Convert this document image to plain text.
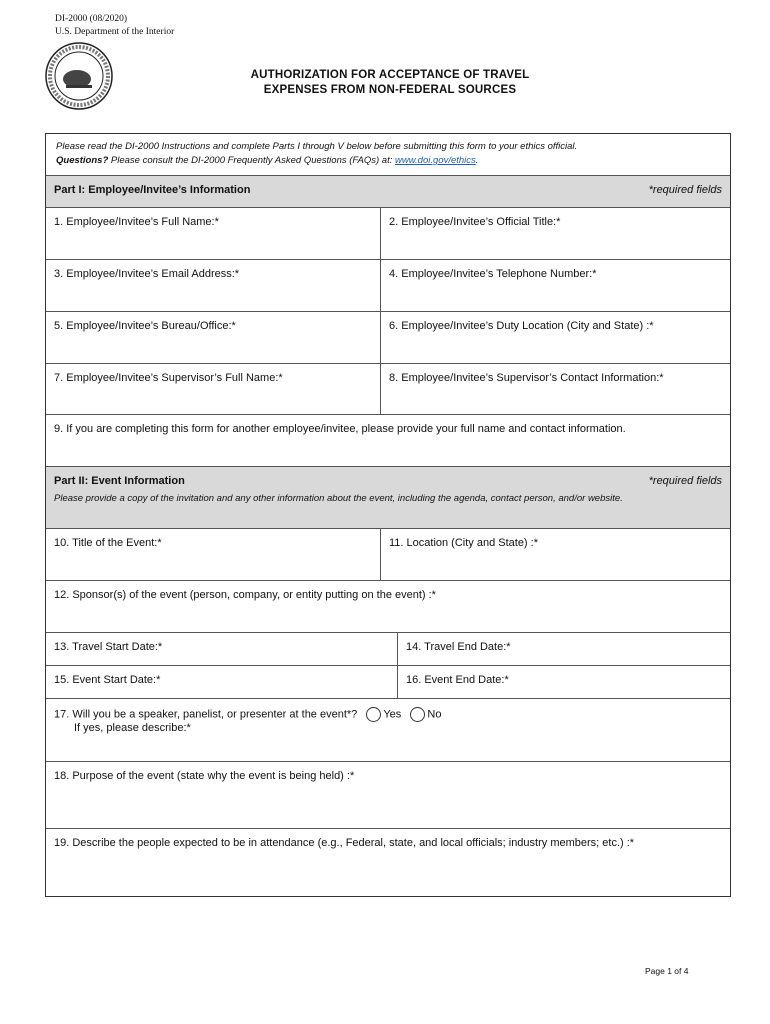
DI-2000 (08/2020)
U.S. Department of the Interior
AUTHORIZATION FOR ACCEPTANCE OF TRAVEL
EXPENSES FROM NON-FEDERAL SOURCES
Please read the DI-2000 Instructions and complete Parts I through V below before submitting this form to your ethics official.
Questions? Please consult the DI-2000 Frequently Asked Questions (FAQs) at: www.doi.gov/ethics.
Part I: Employee/Invitee’s Information	*required fields
1. Employee/Invitee’s Full Name:*	2. Employee/Invitee’s Official Title:*
3. Employee/Invitee’s Email Address:*	4. Employee/Invitee’s Telephone Number:*
5. Employee/Invitee’s Bureau/Office:*	6. Employee/Invitee’s Duty Location (City and State) :*
7. Employee/Invitee’s Supervisor’s Full Name:*	8. Employee/Invitee’s Supervisor’s Contact Information:*
9. If you are completing this form for another employee/invitee, please provide your full name and contact information.
Part II: Event Information	*required fields
Please provide a copy of the invitation and any other information about the event, including the agenda, contact person, and/or website.
10. Title of the Event:*	11. Location (City and State) :*
12. Sponsor(s) of the event (person, company, or entity putting on the event) :*
13. Travel Start Date:*	14. Travel End Date:*
15. Event Start Date:*	16. Event End Date:*
17. Will you be a speaker, panelist, or presenter at the event*? Yes No
If yes, please describe:*
18. Purpose of the event (state why the event is being held) :*
19. Describe the people expected to be in attendance (e.g., Federal, state, and local officials; industry members; etc.) :*
Page 1 of 4
